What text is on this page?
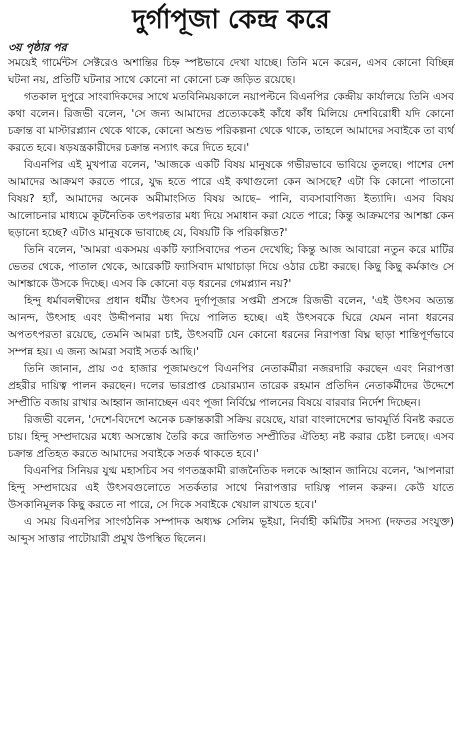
দুর্গাপূজা কেন্দ্র করে
৩য় পৃষ্ঠার পর

সময়েই গার্মেন্টস সেক্টরেও অশান্তির চিহ্ন স্পষ্টভাবে দেখা যাচ্ছে। তিনি মনে করেন, এসব কোনো বিচ্ছিন্ন ঘটনা নয়, প্রতিটি ঘটনার সাথে কোনো না কোনো চক্র জড়িত রয়েছে।

গতকাল দুপুরে সাংবাদিকদের সাথে মতবিনিময়কালে নয়াপল্টনে বিএনপির কেন্দ্রীয় কার্যালয়ে তিনি এসব কথা বলেন। রিজভী বলেন, 'সে জন্য আমাদের প্রত্যেককেই কাঁধে কাঁধ মিলিয়ে দেশবিরোধী যদি কোনো চক্রান্ত বা মাস্টারপ্ল্যান থেকে থাকে, কোনো অশুভ পরিকল্পনা থেকে থাকে, তাহলে আমাদের সবাইকে তা ব্যর্থ করতে হবে। ষড়যন্ত্রকারীদের চক্রান্ত নস্যাৎ করে দিতে হবে।'

বিএনপির এই মুখপাত্র বলেন, 'আজকে একটি বিষয় মানুষকে গভীরভাবে ভাবিয়ে তুলছে। পাশের দেশ আমাদের আক্রমণ করতে পারে, যুদ্ধ হতে পারে এই কথাগুলো কেন আসছে? এটা কি কোনো পাতানো বিষয়? হ্যাঁ, আমাদের অনেক অমীমাংসিত বিষয় আছে– পানি, ব্যবসাবাণিজ্য ইত্যাদি। এসব বিষয় আলোচনার মাধ্যমে কূটনৈতিক তৎপরতার মধ্য দিয়ে সমাধান করা যেতে পারে; কিন্তু আক্রমণের আশঙ্কা কেন ছড়ানো হচ্ছে? এটাও মানুষকে ভাবাচ্ছে যে, বিষয়টি কি পরিকল্পিত?'

তিনি বলেন, 'আমরা একসময় একটি ফ্যাসিবাদের পতন দেখেছি; কিন্তু আজ আবারো নতুন করে মাটির ভেতর থেকে, পাতাল থেকে, আরেকটি ফ্যাসিবাদ মাথাচাড়া দিয়ে ওঠার চেষ্টা করছে। কিছু কিছু কর্মকাণ্ড সে আশঙ্কাকে উসকে দিচ্ছে। এসব কি কোনো বড় ধরনের গেমপ্ল্যান নয়?'

হিন্দু ধর্মাবলম্বীদের প্রধান ধর্মীয় উৎসব দুর্গাপূজার সপ্তমী প্রসঙ্গে রিজভী বলেন, 'এই উৎসব অত্যন্ত আনন্দ, উৎসাহ এবং উদ্দীপনার মধ্য দিয়ে পালিত হচ্ছে। এই উৎসবকে ঘিরে যেমন নানা ধরনের অপতৎপরতা রয়েছে, তেমনি আমরা চাই, উৎসবটি যেন কোনো ধরনের নিরাপত্তা বিঘ্ন ছাড়া শান্তিপূর্ণভাবে সম্পন্ন হয়। এ জন্য আমরা সবাই সতর্ক আছি।'

তিনি জানান, প্রায় ৩৫ হাজার পূজামণ্ডপে বিএনপির নেতাকর্মীরা নজরদারি করছেন এবং নিরাপত্তা প্রহরীর দায়িত্ব পালন করছেন। দলের ভারপ্রাপ্ত চেয়ারম্যান তারেক রহমান প্রতিদিন নেতাকর্মীদের উদ্দেশে সম্প্রীতি বজায় রাখার আহ্বান জানাচ্ছেন এবং পূজা নির্বিঘ্নে পালনের বিষয়ে বারবার নির্দেশ দিচ্ছেন।

রিজভী বলেন, 'দেশে-বিদেশে অনেক চক্রান্তকারী সক্রিয় রয়েছে, যারা বাংলাদেশের ভাবমূর্তি বিনষ্ট করতে চায়। হিন্দু সম্প্রদায়ের মধ্যে অসন্তোষ তৈরি করে জাতিগত সম্প্রীতির ঐতিহ্য নষ্ট করার চেষ্টা চলছে। এসব চক্রান্ত প্রতিহত করতে আমাদের সবাইকে সতর্ক থাকতে হবে।'

বিএনপির সিনিয়র যুগ্ম মহাসচিব সব গণতন্ত্রকামী রাজনৈতিক দলকে আহ্বান জানিয়ে বলেন, 'আপনারা হিন্দু সম্প্রদায়ের এই উৎসবগুলোতে সতর্কতার সাথে নিরাপত্তার দায়িত্ব পালন করুন। কেউ যাতে উসকানিমূলক কিছু করতে না পারে, সে দিকে সবাইকে খেয়াল রাখতে হবে।'

এ সময় বিএনপির সাংগঠনিক সম্পাদক অধ্যক্ষ সেলিম ভূইয়া, নির্বাহী কমিটির সদস্য (দফতর সংযুক্ত) আব্দুস সাত্তার পাটোয়ারী প্রমুখ উপস্থিত ছিলেন।
